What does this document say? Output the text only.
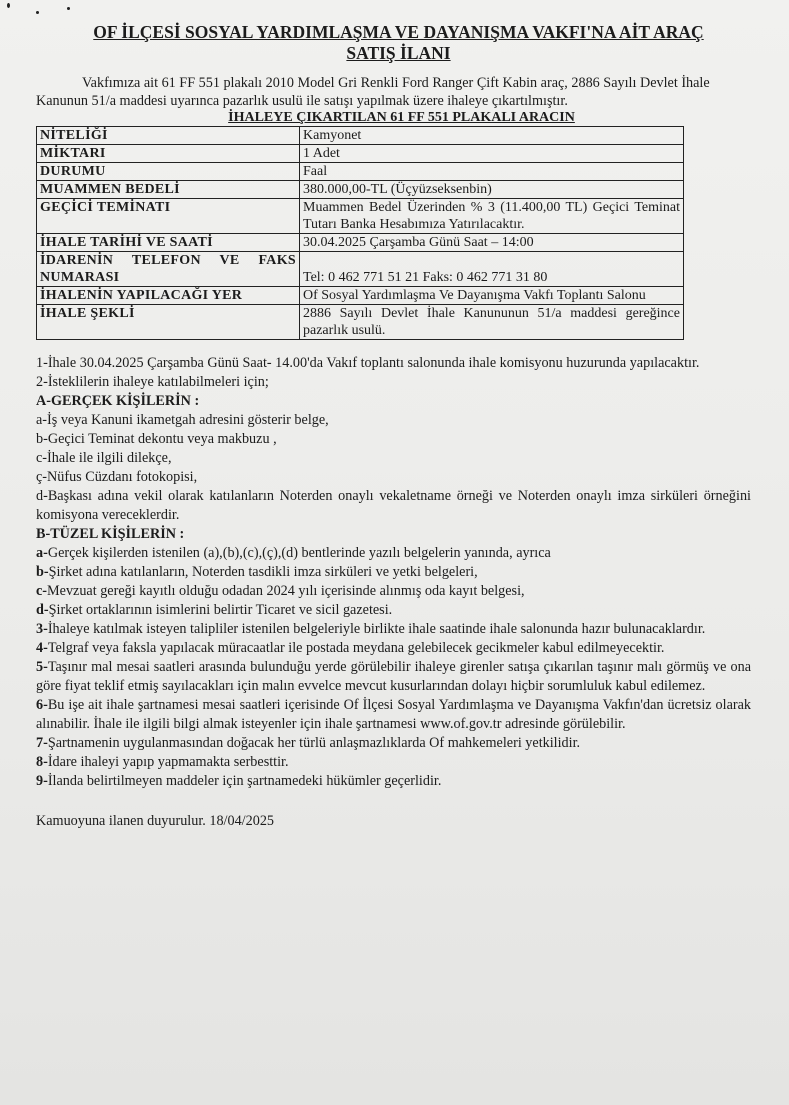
OF İLÇESİ SOSYAL YARDIMLAŞMA VE DAYANIŞMA VAKFI'NA AİT ARAÇ
SATIŞ İLANI

Vakfımıza ait 61 FF 551 plakalı 2010 Model Gri Renkli Ford Ranger Çift Kabin araç, 2886 Sayılı Devlet İhale Kanunun 51/a maddesi uyarınca pazarlık usulü ile satışı yapılmak üzere ihaleye çıkartılmıştır.

İHALEYE ÇIKARTILAN 61 FF 551 PLAKALI ARACIN

NİTELİĞİ	Kamyonet
MİKTARI	1 Adet
DURUMU	Faal
MUAMMEN BEDELİ	380.000,00-TL (Üçyüzseksenbin)
GEÇİCİ TEMİNATI	Muammen Bedel Üzerinden % 3 (11.400,00 TL) Geçici Teminat Tutarı Banka Hesabımıza Yatırılacaktır.
İHALE TARİHİ VE SAATİ	30.04.2025 Çarşamba Günü Saat – 14:00
İDARENİN TELEFON VE FAKS NUMARASI	Tel: 0 462 771 51 21 Faks: 0 462 771 31 80
İHALENİN YAPILACAĞI YER	Of Sosyal Yardımlaşma Ve Dayanışma Vakfı Toplantı Salonu
İHALE ŞEKLİ	2886 Sayılı Devlet İhale Kanununun 51/a maddesi gereğince pazarlık usulü.

1-İhale 30.04.2025 Çarşamba Günü Saat- 14.00'da Vakıf toplantı salonunda ihale komisyonu huzurunda yapılacaktır.

2-İsteklilerin ihaleye katılabilmeleri için;

A-GERÇEK KİŞİLERİN :

a-İş veya Kanuni ikametgah adresini gösterir belge,

b-Geçici Teminat dekontu veya makbuzu ,

c-İhale ile ilgili dilekçe,

ç-Nüfus Cüzdanı fotokopisi,

d-Başkası adına vekil olarak katılanların Noterden onaylı vekaletname örneği ve Noterden onaylı imza sirküleri örneğini komisyona vereceklerdir.

B-TÜZEL KİŞİLERİN :

a-Gerçek kişilerden istenilen (a),(b),(c),(ç),(d) bentlerinde yazılı belgelerin yanında, ayrıca

b-Şirket adına katılanların, Noterden tasdikli imza sirküleri ve yetki belgeleri,

c-Mevzuat gereği kayıtlı olduğu odadan 2024 yılı içerisinde alınmış oda kayıt belgesi,

d-Şirket ortaklarının isimlerini belirtir Ticaret ve sicil gazetesi.

3-İhaleye katılmak isteyen talipliler istenilen belgeleriyle birlikte ihale saatinde ihale salonunda hazır bulunacaklardır.

4-Telgraf veya faksla yapılacak müracaatlar ile postada meydana gelebilecek gecikmeler kabul edilmeyecektir.

5-Taşınır mal mesai saatleri arasında bulunduğu yerde görülebilir ihaleye girenler satışa çıkarılan taşınır malı görmüş ve ona göre fiyat teklif etmiş sayılacakları için malın evvelce mevcut kusurlarından dolayı hiçbir sorumluluk kabul edilemez.

6-Bu işe ait ihale şartnamesi mesai saatleri içerisinde Of İlçesi Sosyal Yardımlaşma ve Dayanışma Vakfın'dan ücretsiz olarak alınabilir. İhale ile ilgili bilgi almak isteyenler için ihale şartnamesi www.of.gov.tr adresinde görülebilir.

7-Şartnamenin uygulanmasından doğacak her türlü anlaşmazlıklarda Of mahkemeleri yetkilidir.

8-İdare ihaleyi yapıp yapmamakta serbesttir.

9-İlanda belirtilmeyen maddeler için şartnamedeki hükümler geçerlidir.

Kamuoyuna ilanen duyurulur. 18/04/2025
